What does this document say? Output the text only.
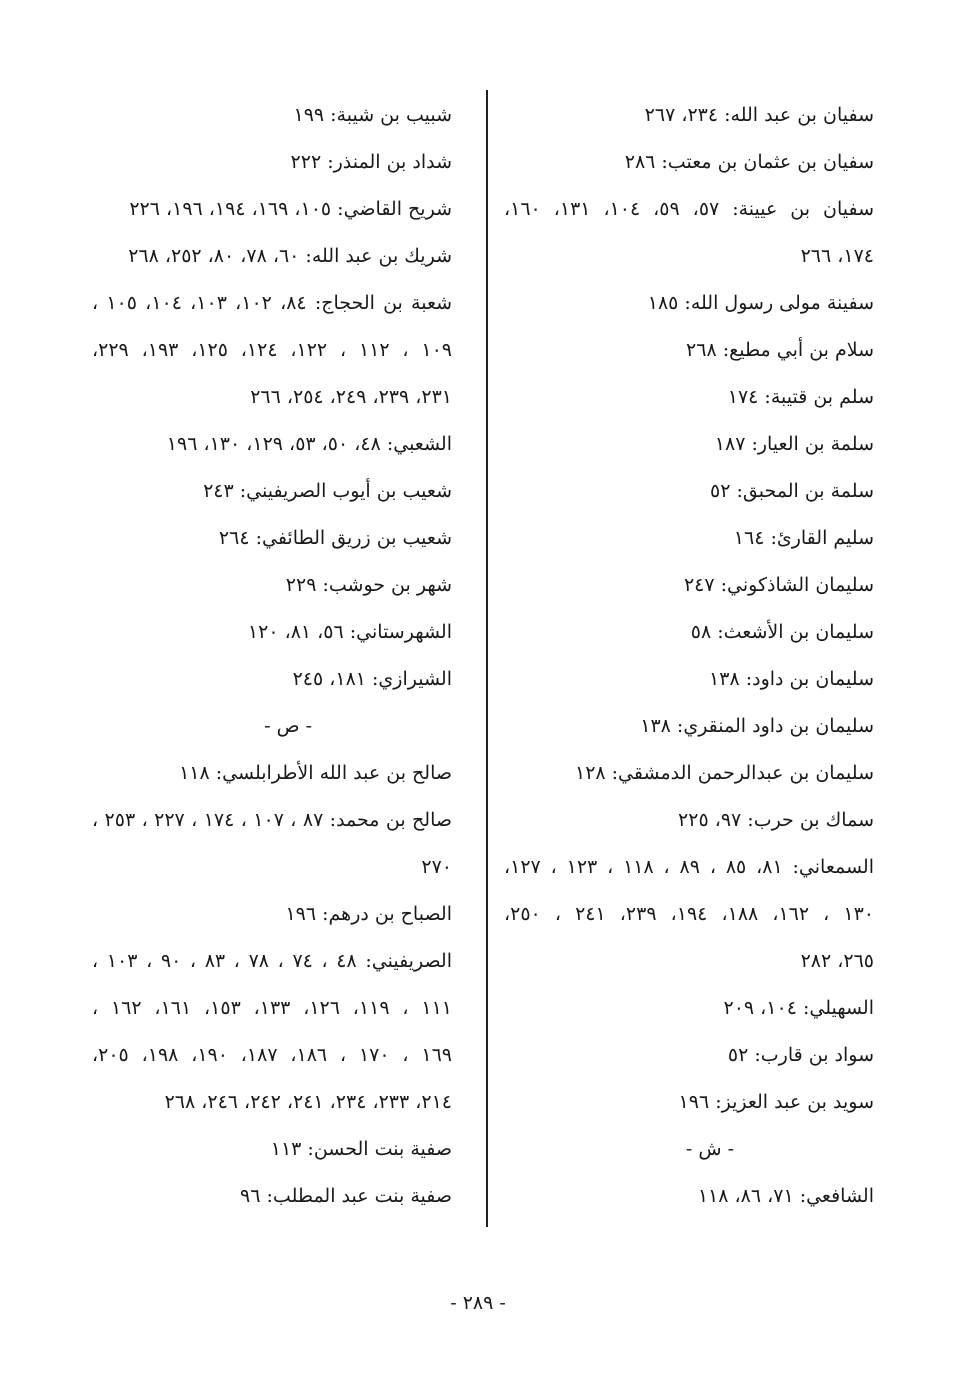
سفيان بن عبد الله: ٢٣٤، ٢٦٧
سفيان بن عثمان بن معتب: ٢٨٦
سفيان بن عيينة: ٥٧، ٥٩، ١٠٤، ١٣١، ١٦٠،
١٧٤، ٢٦٦
سفينة مولى رسول الله: ١٨٥
سلام بن أبي مطيع: ٢٦٨
سلم بن قتيبة: ١٧٤
سلمة بن العيار: ١٨٧
سلمة بن المحبق: ٥٢
سليم القارئ: ١٦٤
سليمان الشاذكوني: ٢٤٧
سليمان بن الأشعث: ٥٨
سليمان بن داود: ١٣٨
سليمان بن داود المنقري: ١٣٨
سليمان بن عبدالرحمن الدمشقي: ١٢٨
سماك بن حرب: ٩٧، ٢٢٥
السمعاني: ٨١، ٨٥ ، ٨٩ ، ١١٨ ، ١٢٣ ، ١٢٧،
١٣٠ ، ١٦٢، ١٨٨، ١٩٤، ٢٣٩، ٢٤١ ، ٢٥٠،
٢٦٥، ٢٨٢
السهيلي: ١٠٤، ٢٠٩
سواد بن قارب: ٥٢
سويد بن عبد العزيز: ١٩٦
- ش -
الشافعي: ٧١، ٨٦، ١١٨
شبيب بن شيبة: ١٩٩
شداد بن المنذر: ٢٢٢
شريح القاضي: ١٠٥، ١٦٩، ١٩٤، ١٩٦، ٢٢٦
شريك بن عبد الله: ٦٠، ٧٨، ٨٠، ٢٥٢، ٢٦٨
شعبة بن الحجاج: ٨٤، ١٠٢، ١٠٣، ١٠٤، ١٠٥ ،
١٠٩ ، ١١٢ ، ١٢٢، ١٢٤، ١٢٥، ١٩٣، ٢٢٩،
٢٣١، ٢٣٩، ٢٤٩، ٢٥٤، ٢٦٦
الشعبي: ٤٨، ٥٠، ٥٣، ١٢٩، ١٣٠، ١٩٦
شعيب بن أيوب الصريفيني: ٢٤٣
شعيب بن زريق الطائفي: ٢٦٤
شهر بن حوشب: ٢٢٩
الشهرستاني: ٥٦، ٨١، ١٢٠
الشيرازي: ١٨١، ٢٤٥
- ص -
صالح بن عبد الله الأطرابلسي: ١١٨
صالح بن محمد: ٨٧ ، ١٠٧ ، ١٧٤ ، ٢٢٧ ، ٢٥٣ ،
٢٧٠
الصباح بن درهم: ١٩٦
الصريفيني: ٤٨ ، ٧٤ ، ٧٨ ، ٨٣ ، ٩٠ ، ١٠٣ ،
١١١ ، ١١٩، ١٢٦، ١٣٣، ١٥٣، ١٦١، ١٦٢ ،
١٦٩ ، ١٧٠ ، ١٨٦، ١٨٧، ١٩٠، ١٩٨، ٢٠٥،
٢١٤، ٢٣٣، ٢٣٤، ٢٤١، ٢٤٢، ٢٤٦، ٢٦٨
صفية بنت الحسن: ١١٣
صفية بنت عبد المطلب: ٩٦
- ٢٨٩ -
